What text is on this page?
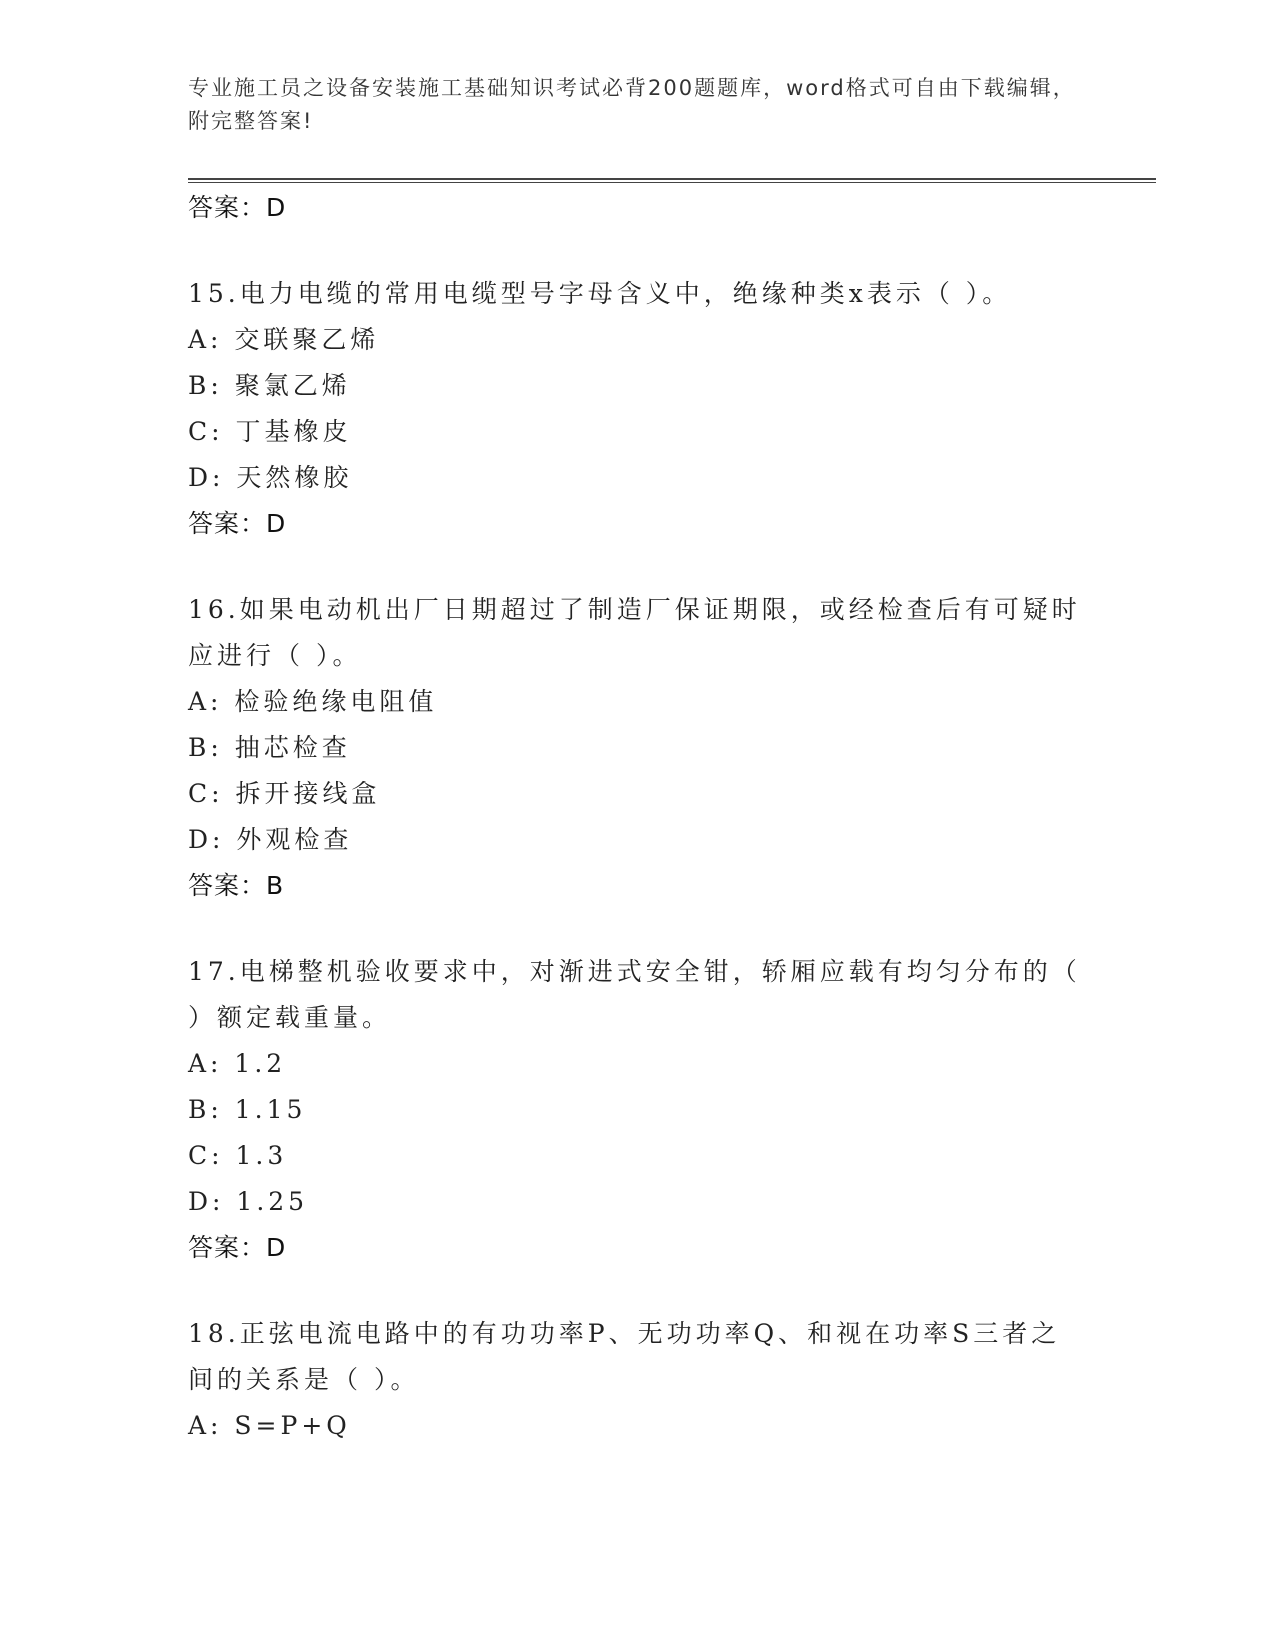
专业施工员之设备安装施工基础知识考试必背200题题库，word格式可自由下载编辑，附完整答案!
答案：D
15.电力电缆的常用电缆型号字母含义中，绝缘种类x表示（ ）。
A: 交联聚乙烯
B: 聚氯乙烯
C: 丁基橡皮
D: 天然橡胶
答案：D
16.如果电动机出厂日期超过了制造厂保证期限，或经检查后有可疑时应进行（ ）。
A: 检验绝缘电阻值
B: 抽芯检查
C: 拆开接线盒
D: 外观检查
答案：B
17.电梯整机验收要求中，对渐进式安全钳，轿厢应载有均匀分布的（ ）额定载重量。
A: 1.2
B: 1.15
C: 1.3
D: 1.25
答案：D
18.正弦电流电路中的有功功率P、无功功率Q、和视在功率S三者之间的关系是（ ）。
A: S=P+Q
